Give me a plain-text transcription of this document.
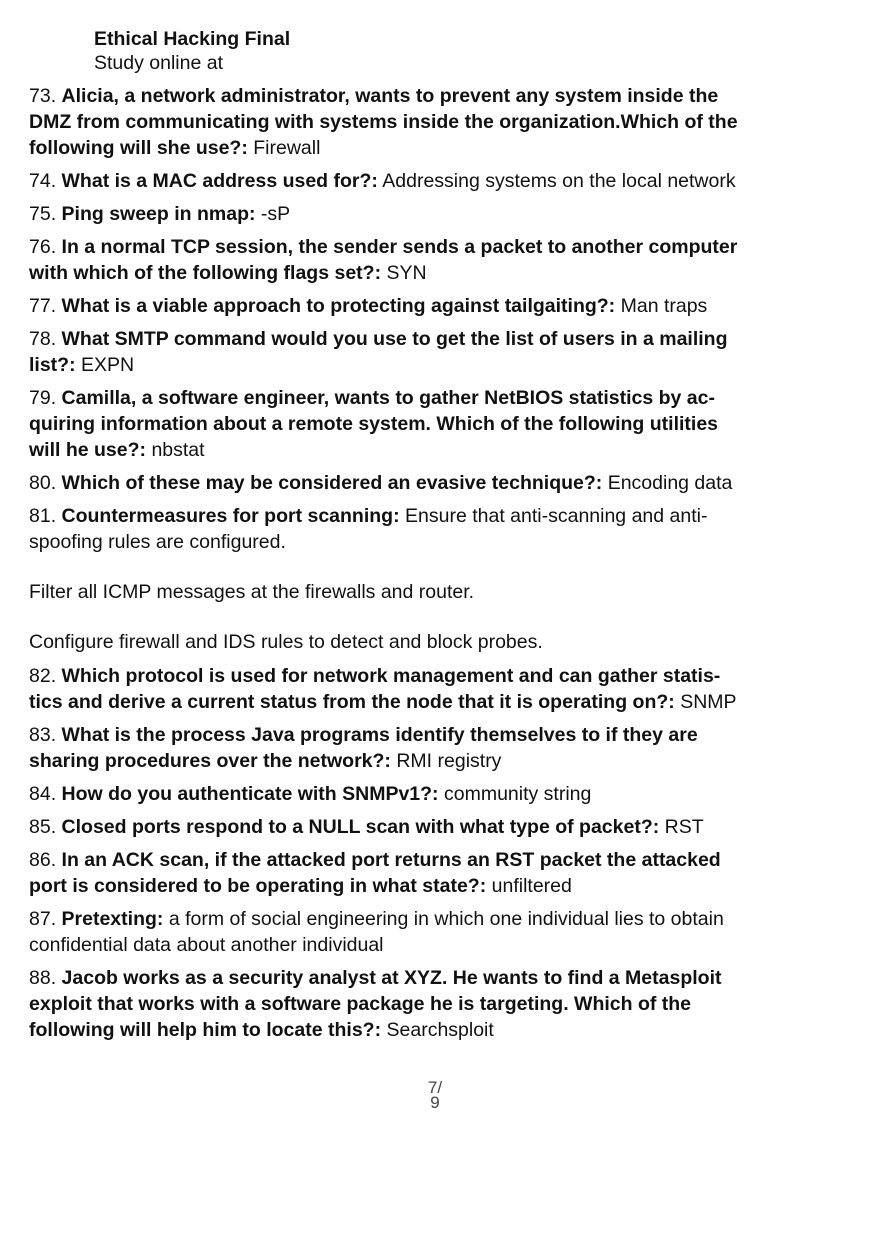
Ethical Hacking Final
Study online at
73. Alicia, a network administrator, wants to prevent any system inside the DMZ from communicating with systems inside the organization.Which of the following will she use?: Firewall
74. What is a MAC address used for?: Addressing systems on the local network
75. Ping sweep in nmap: -sP
76. In a normal TCP session, the sender sends a packet to another computer with which of the following flags set?: SYN
77. What is a viable approach to protecting against tailgaiting?: Man traps
78. What SMTP command would you use to get the list of users in a mailing list?: EXPN
79. Camilla, a software engineer, wants to gather NetBIOS statistics by ac-quiring information about a remote system. Which of the following utilities will he use?: nbstat
80. Which of these may be considered an evasive technique?: Encoding data
81. Countermeasures for port scanning: Ensure that anti-scanning and anti-spoofing rules are configured.
Filter all ICMP messages at the firewalls and router.
Configure firewall and IDS rules to detect and block probes.
82. Which protocol is used for network management and can gather statis-tics and derive a current status from the node that it is operating on?: SNMP
83. What is the process Java programs identify themselves to if they are sharing procedures over the network?: RMI registry
84. How do you authenticate with SNMPv1?: community string
85. Closed ports respond to a NULL scan with what type of packet?: RST
86. In an ACK scan, if the attacked port returns an RST packet the attacked port is considered to be operating in what state?: unfiltered
87. Pretexting: a form of social engineering in which one individual lies to obtain confidential data about another individual
88. Jacob works as a security analyst at XYZ. He wants to find a Metasploit exploit that works with a software package he is targeting. Which of the following will help him to locate this?: Searchsploit
7/
9
